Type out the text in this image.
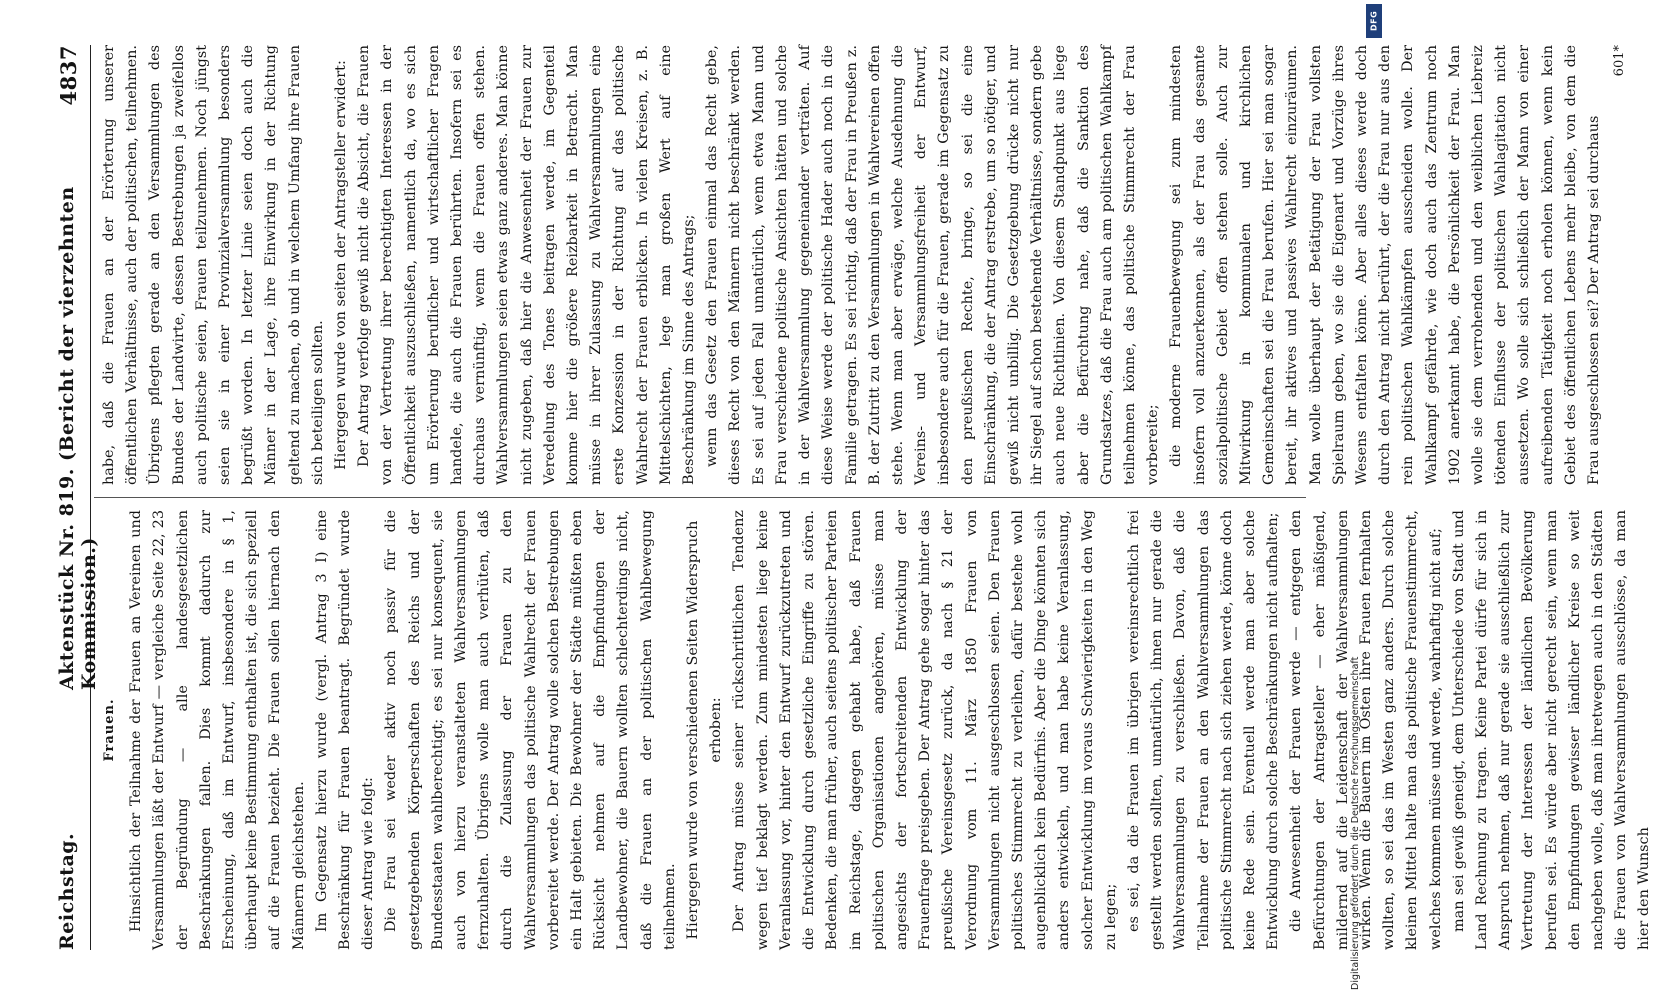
Reichstag.
Aktenstück Nr. 819. (Bericht der vierzehnten Kommission.)
4837

Frauen. Hinsichtlich der Teilnahme der Frauen an Vereinen und Versammlungen läßt der Entwurf — vergleiche Seite 22, 23 der Begründung — alle landesgesetzlichen Beschränkungen fallen. Dies kommt dadurch zur Erscheinung, daß im Entwurf, insbesondere in § 1, überhaupt keine Bestimmung enthalten ist, die sich speziell auf die Frauen bezieht. Die Frauen sollen hiernach den Männern gleichstehen. Im Gegensatz hierzu wurde (vergl. Antrag 3 I) eine Beschränkung für Frauen beantragt. Begründet wurde dieser Antrag wie folgt: Die Frau sei weder aktiv noch passiv für die gesetzgebenden Körperschaften des Reichs und der Bundesstaaten wahlberechtigt; es sei nur konsequent, sie auch von hierzu veranstalteten Wahlversammlungen fernzuhalten. Übrigens wolle man auch verhüten, daß durch die Zulassung der Frauen zu den Wahlversammlungen das politische Wahlrecht der Frauen vorbereitet werde. Der Antrag wolle solchen Bestrebungen ein Halt gebieten. Die Bewohner der Städte müßten eben Rücksicht nehmen auf die Empfindungen der Landbewohner, die Bauern wollten schlechterdings nicht, daß die Frauen an der politischen Wahlbewegung teilnehmen. Hiergegen wurde von verschiedenen Seiten Widerspruch erhoben: Der Antrag müsse seiner rückschrittlichen Tendenz wegen tief beklagt werden. Zum mindesten liege keine Veranlassung vor, hinter den Entwurf zurückzutreten und die Entwicklung durch gesetzliche Eingriffe zu stören. Bedenken, die man früher, auch seitens politischer Parteien im Reichstage, dagegen gehabt habe, daß Frauen politischen Organisationen angehören, müsse man angesichts der fortschreitenden Entwicklung der Frauenfrage preisgeben. Der Antrag gehe sogar hinter das preußische Vereinsgesetz zurück, da nach § 21 der Verordnung vom 11. März 1850 Frauen von Versammlungen nicht ausgeschlossen seien. Den Frauen politisches Stimmrecht zu verleihen, dafür bestehe wohl augenblicklich kein Bedürfnis. Aber die Dinge könnten sich anders entwickeln, und man habe keine Veranlassung, solcher Entwicklung im voraus Schwierigkeiten in den Weg zu legen; es sei, da die Frauen im übrigen vereinsrechtlich frei gestellt werden sollten, unnatürlich, ihnen nur gerade die Wahlversammlungen zu verschließen. Davon, daß die Teilnahme der Frauen an den Wahlversammlungen das politische Stimmrecht nach sich ziehen werde, könne doch keine Rede sein. Eventuell werde man aber solche Entwicklung durch solche Beschränkungen nicht aufhalten; die Anwesenheit der Frauen werde — entgegen den Befürchtungen der Antragsteller — eher mäßigend, mildernd auf die Leidenschaft der Wahlversammlungen wirken. Wenn die Bauern im Osten ihre Frauen fernhalten wollten, so sei das im Westen ganz anders. Durch solche kleinen Mittel halte man das politische Frauenstimmrecht, welches kommen müsse und werde, wahrhaftig nicht auf; man sei gewiß geneigt, dem Unterschiede von Stadt und Land Rechnung zu tragen. Keine Partei dürfe für sich in Anspruch nehmen, daß nur gerade sie ausschließlich zur Vertretung der Interessen der ländlichen Bevölkerung berufen sei. Es würde aber nicht gerecht sein, wenn man den Empfindungen gewisser ländlicher Kreise so weit nachgeben wolle, daß man ihretwegen auch in den Städten die Frauen von Wahlversammlungen ausschlösse, da man hier den Wunsch

habe, daß die Frauen an der Erörterung unserer öffentlichen Verhältnisse, auch der politischen, teilnehmen. Übrigens pflegten gerade an den Versammlungen des Bundes der Landwirte, dessen Bestrebungen ja zweifellos auch politische seien, Frauen teilzunehmen. Noch jüngst seien sie in einer Provinzialversammlung besonders begrüßt worden. In letzter Linie seien doch auch die Männer in der Lage, ihre Einwirkung in der Richtung geltend zu machen, ob und in welchem Umfang ihre Frauen sich beteiligen sollten. Hiergegen wurde von seiten der Antragsteller erwidert: Der Antrag verfolge gewiß nicht die Absicht, die Frauen von der Vertretung ihrer berechtigten Interessen in der Öffentlichkeit auszuschließen, namentlich da, wo es sich um Erörterung beruflicher und wirtschaftlicher Fragen handele, die auch die Frauen berührten. Insofern sei es durchaus vernünftig, wenn die Frauen offen stehen. Wahlversammlungen seien etwas ganz anderes. Man könne nicht zugeben, daß hier die Anwesenheit der Frauen zur Veredelung des Tones beitragen werde, im Gegenteil komme hier die größere Reizbarkeit in Betracht. Man müsse in ihrer Zulassung zu Wahlversammlungen eine erste Konzession in der Richtung auf das politische Wahlrecht der Frauen erblicken. In vielen Kreisen, z. B. Mittelschichten, lege man großen Wert auf eine Beschränkung im Sinne des Antrags; wenn das Gesetz den Frauen einmal das Recht gebe, dieses Recht von den Männern nicht beschränkt werden. Es sei auf jeden Fall unnatürlich, wenn etwa Mann und Frau verschiedene politische Ansichten hätten und solche in der Wahlversammlung gegeneinander verträten. Auf diese Weise werde der politische Hader auch noch in die Familie getragen. Es sei richtig, daß der Frau in Preußen z. B. der Zutritt zu den Versammlungen in Wahlvereinen offen stehe. Wenn man aber erwäge, welche Ausdehnung die Vereins- und Versammlungsfreiheit der Entwurf, insbesondere auch für die Frauen, gerade im Gegensatz zu den preußischen Rechte, bringe, so sei die eine Einschränkung, die der Antrag erstrebe, um so nötiger, und gewiß nicht unbillig. Die Gesetzgebung drücke nicht nur ihr Siegel auf schon bestehende Verhältnisse, sondern gebe auch neue Richtlinien. Von diesem Standpunkt aus liege aber die Befürchtung nahe, daß die Sanktion des Grundsatzes, daß die Frau auch am politischen Wahlkampf teilnehmen könne, das politische Stimmrecht der Frau vorbereite; die moderne Frauenbewegung sei zum mindesten insofern voll anzuerkennen, als der Frau das gesamte sozialpolitische Gebiet offen stehen solle. Auch zur Mitwirkung in kommunalen und kirchlichen Gemeinschaften sei die Frau berufen. Hier sei man sogar bereit, ihr aktives und passives Wahlrecht einzuräumen. Man wolle überhaupt der Betätigung der Frau vollsten Spielraum geben, wo sie die Eigenart und Vorzüge ihres Wesens entfalten könne. Aber alles dieses werde doch durch den Antrag nicht berührt, der die Frau nur aus den rein politischen Wahlkämpfen ausscheiden wolle. Der Wahlkampf gefährde, wie doch auch das Zentrum noch 1902 anerkannt habe, die Persönlichkeit der Frau. Man wolle sie dem verrohenden und den weiblichen Liebreiz tötenden Einflusse der politischen Wahlagitation nicht aussetzen. Wo solle sich schließlich der Mann von einer aufreibenden Tätigkeit noch erholen können, wenn kein Gebiet des öffentlichen Lebens mehr bleibe, von dem die Frau ausgeschlossen sei? Der Antrag sei durchaus

601*

Digitalisierung gefördert durch die Deutsche Forschungsgemeinschaft
DFG
